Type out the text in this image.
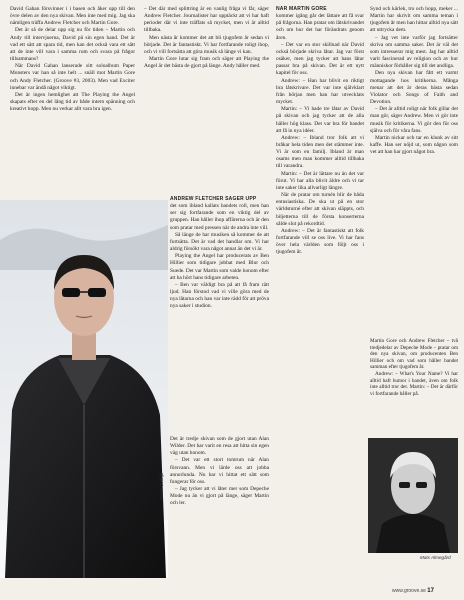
David Gahan försvinner i i basen och åker upp till den övre delen av den nya skivan. Men inte med mig. Jag ska nämligen träffa Andrew Fletcher och Martin Gore.

Det är så de delar upp sig nu för tiden – Martin och Andy till intervjuerna, David på sin egen hand. Det är vad ett sätt att spara tid, men kan det också vara ett sätt att de inte vill vara i samma rum och svara på frågor tillsammans?

När David Gahan lanserade sitt soloalbum Paper Monsters var han så inte helt ... snäll mot Martin Gore och Andy Fletcher. (Groove #3, 2003). Men vad Exciter innebar var ändå något viktigt.

Det är ingen hemlighet att The Playing the Angel skapats efter en del lång tid av både intern spänning och kreativt hopp. Men nu verkar allt vara bra igen.

– Det där med splittring är en vanlig fråga vi får, säger Andrew Fletcher. Journalister har upptäckt att vi har haft perioder där vi inte träffats så mycket, men vi är alltid tillbaka.

Men nästa år kommer det att bli tjugofem år sedan vi började. Det är fantastiskt. Vi har fortfarande roligt ihop, och vi vill fortsätta att göra musik så länge vi kan.

Martin Gore lutar sig fram och säger att Playing the Angel är det bästa de gjort på länge. Andy håller med.

ANDREW FLETCHER SÄGER UPP

det som ibland kallats bandets roll, men han ser sig fortfarande som en viktig del av gruppen. Han håller ihop affärerna och är den som pratar med pressen när de andra inte vill.

Så länge de har musiken så kommer de att fortsätta. Det är vad det handlar om. Vi har aldrig försökt vara något annat än det vi är.

Playing the Angel har producerats av Ben Hillier som tidigare jobbat med Blur och Suede. Det var Martin som valde honom efter att ha hört hans tidigare arbeten.

– Ben var väldigt bra på att få fram rätt ljud. Han förstod vad vi ville göra med de nya låtarna och han var inte rädd för att pröva nya saker i studion.

Det är tredje skivan som de gjort utan Alan Wilder. Det har varit en resa att hitta sin egen väg utan honom.

– Det var ett stort tomrum när Alan försvann. Men vi lärde oss att jobba annorlunda. Nu har vi hittat ett sätt som fungerar för oss.

– Jag tycker att vi låter mer som Depeche Mode nu än vi gjort på länge, säger Martin och ler.

NÄR MARTIN GORE

kommer igång går det lättare att få svar på frågorna. Han pratar om låtskrivandet och om hur det har förändrats genom åren.

– Det var en stor skillnad när David också började skriva låtar. Jag var först osäker, men jag tycker att hans låtar passar bra på skivan. Det är ett nytt kapitel för oss.

Andrew: – Han har blivit en riktigt bra låtskrivare. Det var inte självklart från början men han har utvecklats mycket.

Martin: – Vi hade tre låtar av David på skivan och jag tycker att de alla håller hög klass. Det var bra för bandet att få in nya idéer.

Andrew: – Ibland tror folk att vi bråkar hela tiden men det stämmer inte. Vi är som en familj. Ibland är man osams men man kommer alltid tillbaka till varandra.

Martin: – Det är lättare nu än det var förut. Vi har alla blivit äldre och vi tar inte saker lika allvarligt längre.

När de pratar om turnén blir de båda entusiastiska. De ska ut på en stor världsturné efter att skivan släppts, och biljetterna till de första konserterna sålde slut på rekordtid.

Andrew: – Det är fantastiskt att folk fortfarande vill se oss live. Vi har fans över hela världen som följt oss i tjugofem år.

Synd och kärlek, tro och hopp, meker ... Martin har skrivit om samma teman i tjugofem år men han hittar alltid nya sätt att uttrycka dem.

– Jag vet inte varför jag fortsätter skriva om samma saker. Det är väl det som intresserar mig mest. Jag har alltid varit fascinerad av religion och av hur människor förhåller sig till det andliga.

Den nya skivan har fått ett varmt mottagande hos kritikerna. Många menar att det är deras bästa sedan Violator och Songs of Faith and Devotion.

– Det är alltid roligt när folk gillar det man gör, säger Andrew. Men vi gör inte musik för kritikerna. Vi gör den för oss själva och för våra fans.

Martin nickar och tar en klunk av sitt kaffe. Han ser nöjd ut, som någon som vet att han har gjort något bra.

Anton Corbijn

Martin Gore och Andrew Fletcher – två tredjedelar av Depeche Mode – pratar om den nya skivan, om producenten Ben Hillier och om vad som håller bandet samman efter tjugofem år.

Andrew: – What's Your Name? Vi har alltid haft humor i bandet, även om folk inte alltid tror det. Martin: – Det är därför vi fortfarande håller på.

Mats Almegård
www.groove.se 17
